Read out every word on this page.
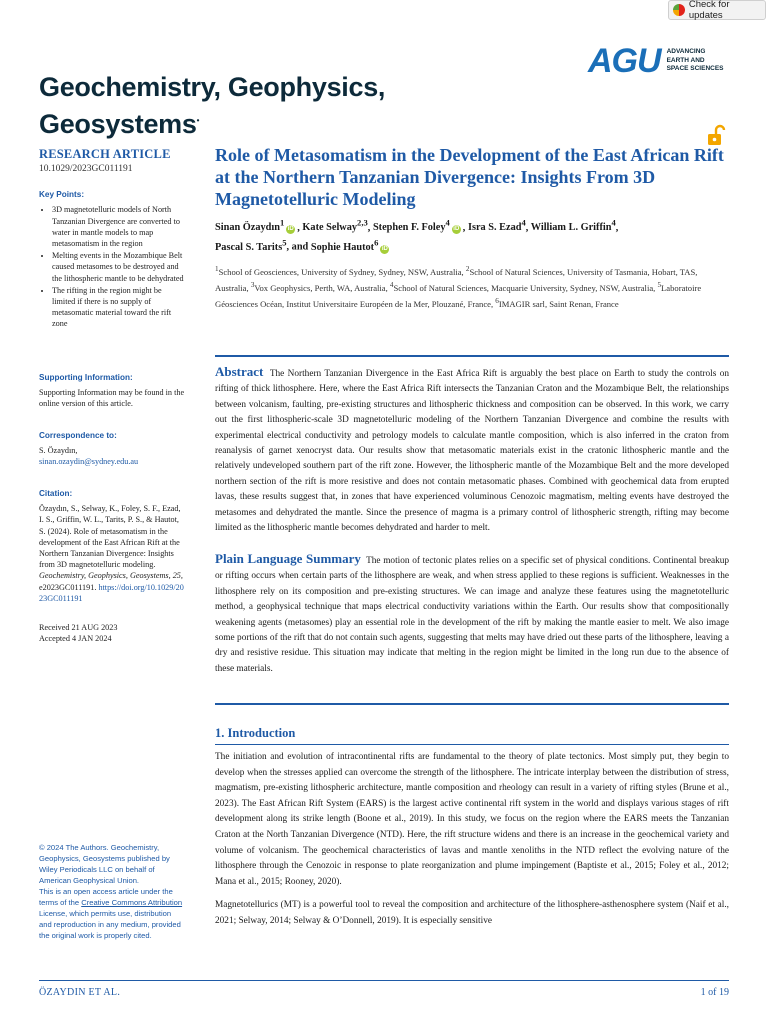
Check for updates
Geochemistry, Geophysics,
Geosystems•
AGU ADVANCING
EARTH AND
SPACE SCIENCES

RESEARCH ARTICLE

10.1029/2023GC011191

Key Points:

• 3D magnetotelluric models of North Tanzanian Divergence are converted to water in mantle models to map metasomatism in the region
• Melting events in the Mozambique Belt caused metasomes to be destroyed and the lithospheric mantle to be dehydrated
• The rifting in the region might be limited if there is no supply of metasomatic material toward the rift zone

Supporting Information:

Supporting Information may be found in the online version of this article.

Correspondence to:

S. Özaydın,
sinan.ozaydin@sydney.edu.au

Citation:

Özaydın, S., Selway, K., Foley, S. F., Ezad, I. S., Griffin, W. L., Tarits, P. S., & Hautot, S. (2024). Role of metasomatism in the development of the East African Rift at the Northern Tanzanian Divergence: Insights from 3D magnetotelluric modeling. Geochemistry, Geophysics, Geosystems, 25, e2023GC011191. https://doi.org/10.1029/2023GC011191
Received 21 AUG 2023
Accepted 4 JAN 2024
© 2024 The Authors. Geochemistry, Geophysics, Geosystems published by Wiley Periodicals LLC on behalf of American Geophysical Union.
This is an open access article under the terms of the Creative Commons Attribution License, which permits use, distribution and reproduction in any medium, provided the original work is properly cited.
Role of Metasomatism in the Development of the East African Rift at the Northern Tanzanian Divergence: Insights From 3D Magnetotelluric Modeling
Sinan Özaydın$^1$iD , Kate Selway$^{2,3}$, Stephen F. Foley$^4$iD , Isra S. Ezad$^4$, William L. Griffin$^4$,
Pascal S. Tarits$^5$, and Sophie Hautot$^6$iD
$^1$School of Geosciences, University of Sydney, Sydney, NSW, Australia, $^2$School of Natural Sciences, University of Tasmania, Hobart, TAS, Australia, $^3$Vox Geophysics, Perth, WA, Australia, $^4$School of Natural Sciences, Macquarie University, Sydney, NSW, Australia, $^5$Laboratoire Géosciences Océan, Institut Universitaire Européen de la Mer, Plouzané, France, $^6$IMAGIR sarl, Saint Renan, France
Abstract The Northern Tanzanian Divergence in the East Africa Rift is arguably the best place on Earth to study the controls on rifting of thick lithosphere. Here, where the East Africa Rift intersects the Tanzanian Craton and the Mozambique Belt, the relationships between volcanism, faulting, pre-existing structures and lithospheric thickness and composition can be observed. In this work, we carry out the first lithospheric-scale 3D magnetotelluric modeling of the Northern Tanzanian Divergence and combine the results with experimental electrical conductivity and petrology models to calculate mantle composition, which is also inferred in the craton from reanalysis of garnet xenocryst data. Our results show that metasomatic materials exist in the cratonic lithospheric mantle and the relatively undeveloped southern part of the rift zone. However, the lithospheric mantle of the Mozambique Belt and the more developed northern section of the rift is more resistive and does not contain metasomatic phases. Combined with geochemical data from erupted lavas, these results suggest that, in zones that have experienced voluminous Cenozoic magmatism, melting events have destroyed the metasomes and dehydrated the mantle. Since the presence of magma is a primary control of lithospheric strength, rifting may become limited as the lithospheric mantle becomes dehydrated and harder to melt.
Plain Language Summary The motion of tectonic plates relies on a specific set of physical conditions. Continental breakup or rifting occurs when certain parts of the lithosphere are weak, and when stress applied to these regions is sufficient. Weaknesses in the lithosphere rely on its composition and pre-existing structures. We can image and analyze these features using the magnetotelluric method, a geophysical technique that maps electrical conductivity variations within the Earth. Our results show that compositionally weakening agents (metasomes) play an essential role in the development of the rift by making the mantle easier to melt. We also image some portions of the rift that do not contain such agents, suggesting that melts may have dried out these parts of the lithosphere, leaving a dry and resistive residue. This situation may indicate that melting in the region might be limited in the long run due to the absence of these materials.
1. Introduction

The initiation and evolution of intracontinental rifts are fundamental to the theory of plate tectonics. Most simply put, they begin to develop when the stresses applied can overcome the strength of the lithosphere. The intricate interplay between the distribution of stress, magmatism, pre-existing lithospheric architecture, mantle composition and rheology can result in a variety of rifting styles (Brune et al., 2023). The East African Rift System (EARS) is the largest active continental rift system in the world and displays various stages of rift development along its strike length (Boone et al., 2019). In this study, we focus on the region where the EARS meets the Tanzanian Craton at the North Tanzanian Divergence (NTD). Here, the rift structure widens and there is an increase in the geochemical variety and volume of volcanism. The geochemical characteristics of lavas and mantle xenoliths in the NTD reflect the evolving nature of the lithosphere through the Cenozoic in response to plate reorganization and plume impingement (Baptiste et al., 2015; Foley et al., 2012; Mana et al., 2015; Rooney, 2020).

Magnetotellurics (MT) is a powerful tool to reveal the composition and architecture of the lithosphere-asthenosphere system (Naif et al., 2021; Selway, 2014; Selway & O’Donnell, 2019). It is especially sensitive

ÖZAYDIN ET AL.	1 of 19
